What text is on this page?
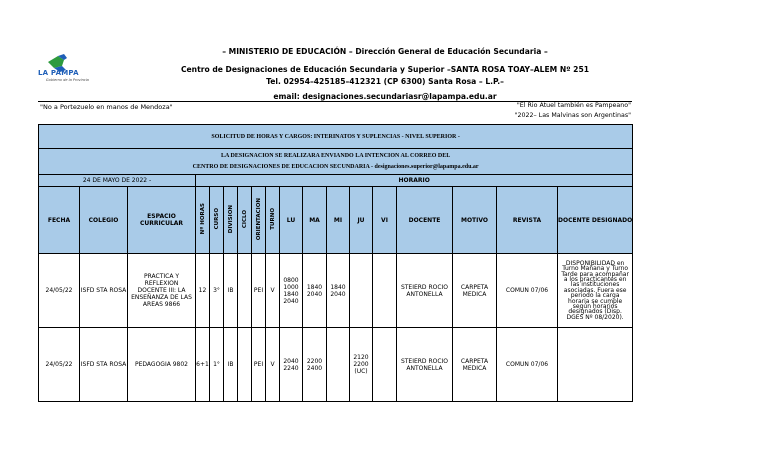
LA PAMPA
Gobierno de la Provincia
– MINISTERIO DE EDUCACIÓN – Dirección General de Educación Secundaria –
Centro de Designaciones de Educación Secundaria y Superior –SANTA ROSA TOAY–ALEM Nº 251
Tel. 02954–425185–412321 (CP 6300) Santa Rosa – L.P.–
email: designaciones.secundariasr@lapampa.edu.ar
"No a Portezuelo en manos de Mendoza"	"El Rio Atuel también es Pampeano"
"2022– Las Malvinas son Argentinas"
SOLICITUD DE HORAS Y CARGOS: INTERINATOS Y SUPLENCIAS - NIVEL SUPERIOR -																	

LA DESIGNACION SE REALIZARA ENVIANDO LA INTENCION AL CORREO DEL
CENTRO DE DESIGNACIONES DE EDUCACION SECUNDARIA - designaciones.superior@lapampa.edu.ar																	

24 DE MAYO DE 2022 -			HORARIO														
FECHA	COLEGIO	ESPACIO CURRICULAR	Nº HORAS	CURSO	DIVISION	CICLO	ORIENTACION	TURNO	LU	MA	MI	JU	VI	DOCENTE	MOTIVO	REVISTA	DOCENTE DESIGNADO
24/05/22	ISFD STA ROSA	PRACTICA Y REFLEXION DOCENTE III: LA ENSEÑANZA DE LAS AREAS 9866	12	3°	IB		PEI	V	0800 1000 1840 2040	1840 2040	1840 2040			STEIERD ROCIO ANTONELLA	CARPETA MEDICA	COMUN 07/06	DISPONIBILIDAD en Turno Mañana y Turno Tarde para acompañar a los practicantes en las instituciones asociadas. Fuera ese periodo la carga horaria se cumple según horarios designados (Disp. DGES Nº 08/2020).
24/05/22	ISFD STA ROSA	PEDAGOGIA 9802	6+1	1°	IB		PEI	V	2040 2240	2200 2400		2120 2200 (UC)		STEIERD ROCIO ANTONELLA	CARPETA MEDICA	COMUN 07/06	
